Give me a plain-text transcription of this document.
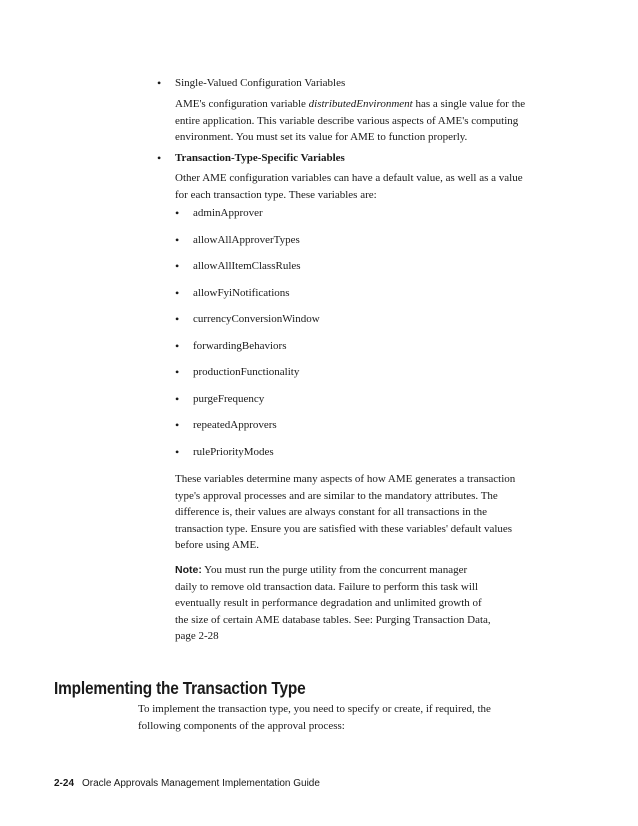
• Single-Valued Configuration Variables
AME's configuration variable distributedEnvironment has a single value for the
entire application. This variable describe various aspects of AME's computing
environment. You must set its value for AME to function properly.
• Transaction-Type-Specific Variables
Other AME configuration variables can have a default value, as well as a value
for each transaction type. These variables are:
• adminApprover
• allowAllApproverTypes
• allowAllItemClassRules
• allowFyiNotifications
• currencyConversionWindow
• forwardingBehaviors
• productionFunctionality
• purgeFrequency
• repeatedApprovers
• rulePriorityModes
These variables determine many aspects of how AME generates a transaction
type's approval processes and are similar to the mandatory attributes. The
difference is, their values are always constant for all transactions in the
transaction type. Ensure you are satisfied with these variables' default values
before using AME.
Note: You must run the purge utility from the concurrent manager
daily to remove old transaction data. Failure to perform this task will
eventually result in performance degradation and unlimited growth of
the size of certain AME database tables. See: Purging Transaction Data,
page 2-28
Implementing the Transaction Type
To implement the transaction type, you need to specify or create, if required, the
following components of the approval process:
2-24 Oracle Approvals Management Implementation Guide
